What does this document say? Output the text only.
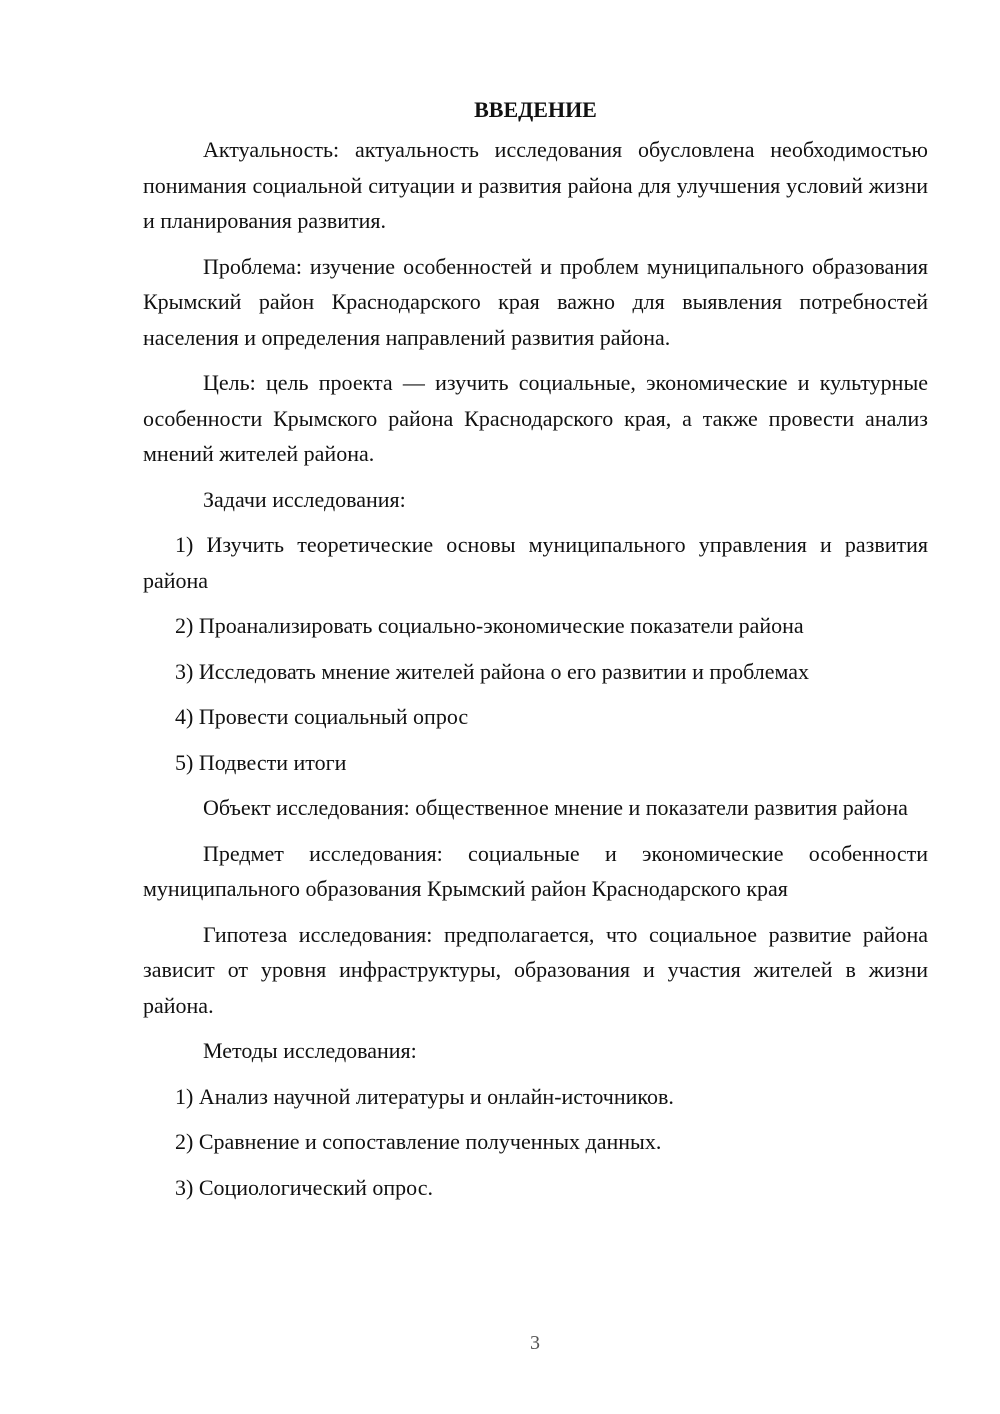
ВВЕДЕНИЕ

Актуальность: актуальность исследования обусловлена необходимостью понимания социальной ситуации и развития района для улучшения условий жизни и планирования развития.

Проблема: изучение особенностей и проблем муниципального образования Крымский район Краснодарского края важно для выявления потребностей населения и определения направлений развития района.

Цель: цель проекта — изучить социальные, экономические и культурные особенности Крымского района Краснодарского края, а также провести анализ мнений жителей района.

Задачи исследования:

1) Изучить теоретические основы муниципального управления и развития района

2) Проанализировать социально-экономические показатели района

3) Исследовать мнение жителей района о его развитии и проблемах

4) Провести социальный опрос

5) Подвести итоги

Объект исследования: общественное мнение и показатели развития района

Предмет исследования: социальные и экономические особенности муниципального образования Крымский район Краснодарского края

Гипотеза исследования: предполагается, что социальное развитие района зависит от уровня инфраструктуры, образования и участия жителей в жизни района.

Методы исследования:

1) Анализ научной литературы и онлайн-источников.

2) Сравнение и сопоставление полученных данных.

3) Социологический опрос.

3
